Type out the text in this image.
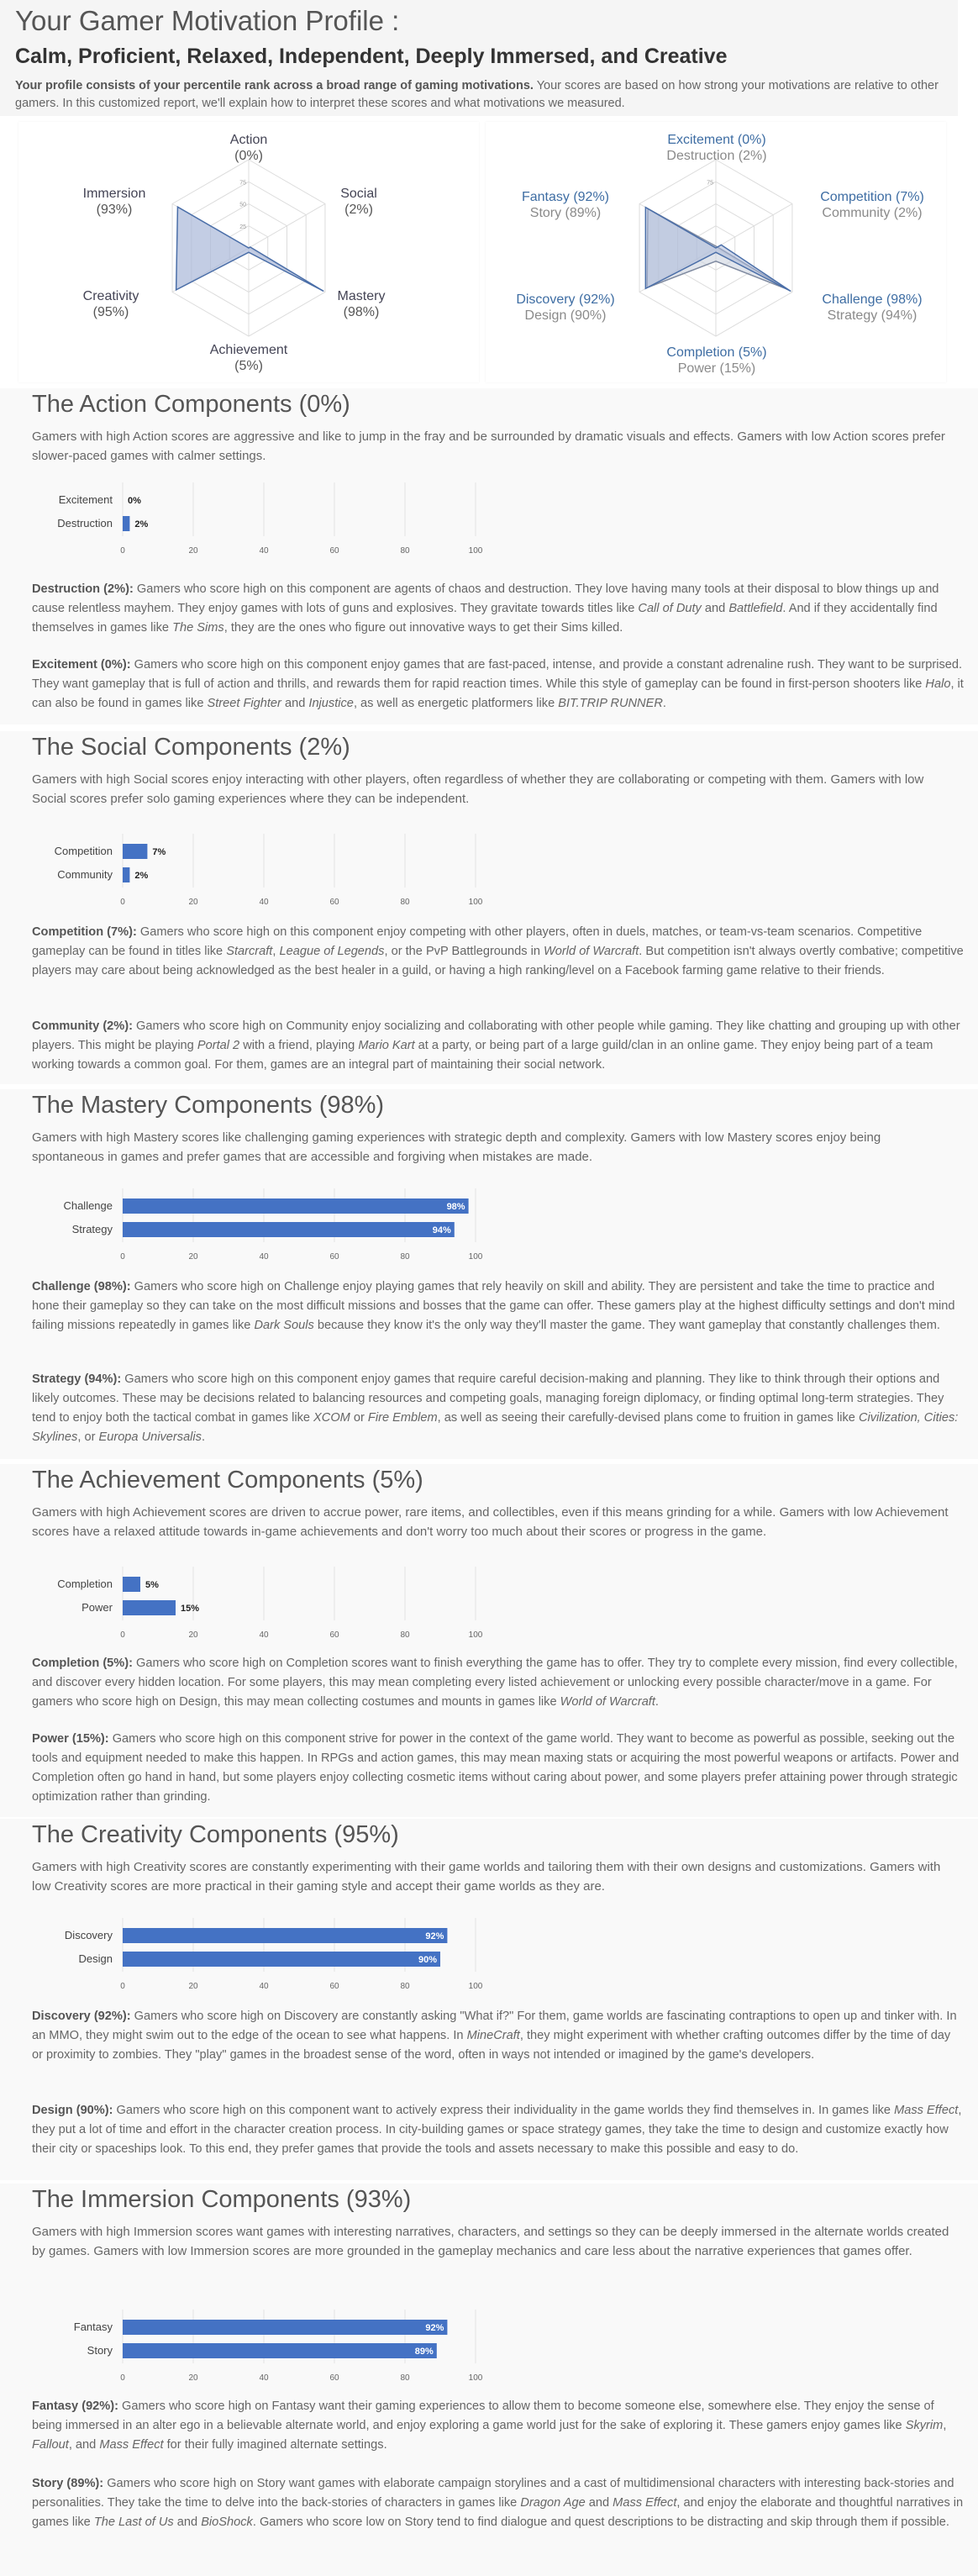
Your Gamer Motivation Profile :
Calm, Proficient, Relaxed, Independent, Deeply Immersed, and Creative
Your profile consists of your percentile rank across a broad range of gaming motivations. Your scores are based on how strong your motivations are relative to other gamers. In this customized report, we'll explain how to interpret these scores and what motivations we measured.
75
50
25
Action
(0%)
Social
(2%)
Mastery
(98%)
Achievement
(5%)
Creativity
(95%)
Immersion
(93%)
75
Excitement (0%)
Destruction (2%)
Competition (7%)
Community (2%)
Challenge (98%)
Strategy (94%)
Completion (5%)
Power (15%)
Discovery (92%)
Design (90%)
Fantasy (92%)
Story (89%)
The Action Components (0%)
Gamers with high Action scores are aggressive and like to jump in the fray and be surrounded by dramatic visuals and effects. Gamers with low Action scores prefer slower-paced games with calmer settings.
0	20	40	60	80	100
Excitement 0%
Destruction 2%
Destruction (2%): Gamers who score high on this component are agents of chaos and destruction. They love having many tools at their disposal to blow things up and cause relentless mayhem. They enjoy games with lots of guns and explosives. They gravitate towards titles like Call of Duty and Battlefield. And if they accidentally find themselves in games like The Sims, they are the ones who figure out innovative ways to get their Sims killed.
Excitement (0%): Gamers who score high on this component enjoy games that are fast-paced, intense, and provide a constant adrenaline rush. They want to be surprised. They want gameplay that is full of action and thrills, and rewards them for rapid reaction times. While this style of gameplay can be found in first-person shooters like Halo, it can also be found in games like Street Fighter and Injustice, as well as energetic platformers like BIT.TRIP RUNNER.
The Social Components (2%)
Gamers with high Social scores enjoy interacting with other players, often regardless of whether they are collaborating or competing with them. Gamers with low Social scores prefer solo gaming experiences where they can be independent.
0	20	40	60	80	100
Competition	7%
Community 2%
Competition (7%): Gamers who score high on this component enjoy competing with other players, often in duels, matches, or team-vs-team scenarios. Competitive gameplay can be found in titles like Starcraft, League of Legends, or the PvP Battlegrounds in World of Warcraft. But competition isn't always overtly combative; competitive players may care about being acknowledged as the best healer in a guild, or having a high ranking/level on a Facebook farming game relative to their friends.
Community (2%): Gamers who score high on Community enjoy socializing and collaborating with other people while gaming. They like chatting and grouping up with other players. This might be playing Portal 2 with a friend, playing Mario Kart at a party, or being part of a large guild/clan in an online game. They enjoy being part of a team working towards a common goal. For them, games are an integral part of maintaining their social network.
The Mastery Components (98%)
Gamers with high Mastery scores like challenging gaming experiences with strategic depth and complexity. Gamers with low Mastery scores enjoy being spontaneous in games and prefer games that are accessible and forgiving when mistakes are made.
0	20	40	60	80	100
Challenge	98%
Strategy	94%
Challenge (98%): Gamers who score high on Challenge enjoy playing games that rely heavily on skill and ability. They are persistent and take the time to practice and hone their gameplay so they can take on the most difficult missions and bosses that the game can offer. These gamers play at the highest difficulty settings and don't mind failing missions repeatedly in games like Dark Souls because they know it's the only way they'll master the game. They want gameplay that constantly challenges them.
Strategy (94%): Gamers who score high on this component enjoy games that require careful decision-making and planning. They like to think through their options and likely outcomes. These may be decisions related to balancing resources and competing goals, managing foreign diplomacy, or finding optimal long-term strategies. They tend to enjoy both the tactical combat in games like XCOM or Fire Emblem, as well as seeing their carefully-devised plans come to fruition in games like Civilization, Cities: Skylines, or Europa Universalis.
The Achievement Components (5%)
Gamers with high Achievement scores are driven to accrue power, rare items, and collectibles, even if this means grinding for a while. Gamers with low Achievement scores have a relaxed attitude towards in-game achievements and don't worry too much about their scores or progress in the game.
0	20	40	60	80	100
Completion	5%
Power	15%
Completion (5%): Gamers who score high on Completion scores want to finish everything the game has to offer. They try to complete every mission, find every collectible, and discover every hidden location. For some players, this may mean completing every listed achievement or unlocking every possible character/move in a game. For gamers who score high on Design, this may mean collecting costumes and mounts in games like World of Warcraft.
Power (15%): Gamers who score high on this component strive for power in the context of the game world. They want to become as powerful as possible, seeking out the tools and equipment needed to make this happen. In RPGs and action games, this may mean maxing stats or acquiring the most powerful weapons or artifacts. Power and Completion often go hand in hand, but some players enjoy collecting cosmetic items without caring about power, and some players prefer attaining power through strategic optimization rather than grinding.
The Creativity Components (95%)
Gamers with high Creativity scores are constantly experimenting with their game worlds and tailoring them with their own designs and customizations. Gamers with low Creativity scores are more practical in their gaming style and accept their game worlds as they are.
0	20	40	60	80	100
Discovery	92%
Design	90%
Discovery (92%): Gamers who score high on Discovery are constantly asking "What if?" For them, game worlds are fascinating contraptions to open up and tinker with. In an MMO, they might swim out to the edge of the ocean to see what happens. In MineCraft, they might experiment with whether crafting outcomes differ by the time of day or proximity to zombies. They "play" games in the broadest sense of the word, often in ways not intended or imagined by the game's developers.
Design (90%): Gamers who score high on this component want to actively express their individuality in the game worlds they find themselves in. In games like Mass Effect, they put a lot of time and effort in the character creation process. In city-building games or space strategy games, they take the time to design and customize exactly how their city or spaceships look. To this end, they prefer games that provide the tools and assets necessary to make this possible and easy to do.
The Immersion Components (93%)
Gamers with high Immersion scores want games with interesting narratives, characters, and settings so they can be deeply immersed in the alternate worlds created by games. Gamers with low Immersion scores are more grounded in the gameplay mechanics and care less about the narrative experiences that games offer.
0	20	40	60	80	100
Fantasy	92%
Story	89%
Fantasy (92%): Gamers who score high on Fantasy want their gaming experiences to allow them to become someone else, somewhere else. They enjoy the sense of being immersed in an alter ego in a believable alternate world, and enjoy exploring a game world just for the sake of exploring it. These gamers enjoy games like Skyrim, Fallout, and Mass Effect for their fully imagined alternate settings.
Story (89%): Gamers who score high on Story want games with elaborate campaign storylines and a cast of multidimensional characters with interesting back-stories and personalities. They take the time to delve into the back-stories of characters in games like Dragon Age and Mass Effect, and enjoy the elaborate and thoughtful narratives in games like The Last of Us and BioShock. Gamers who score low on Story tend to find dialogue and quest descriptions to be distracting and skip through them if possible.
